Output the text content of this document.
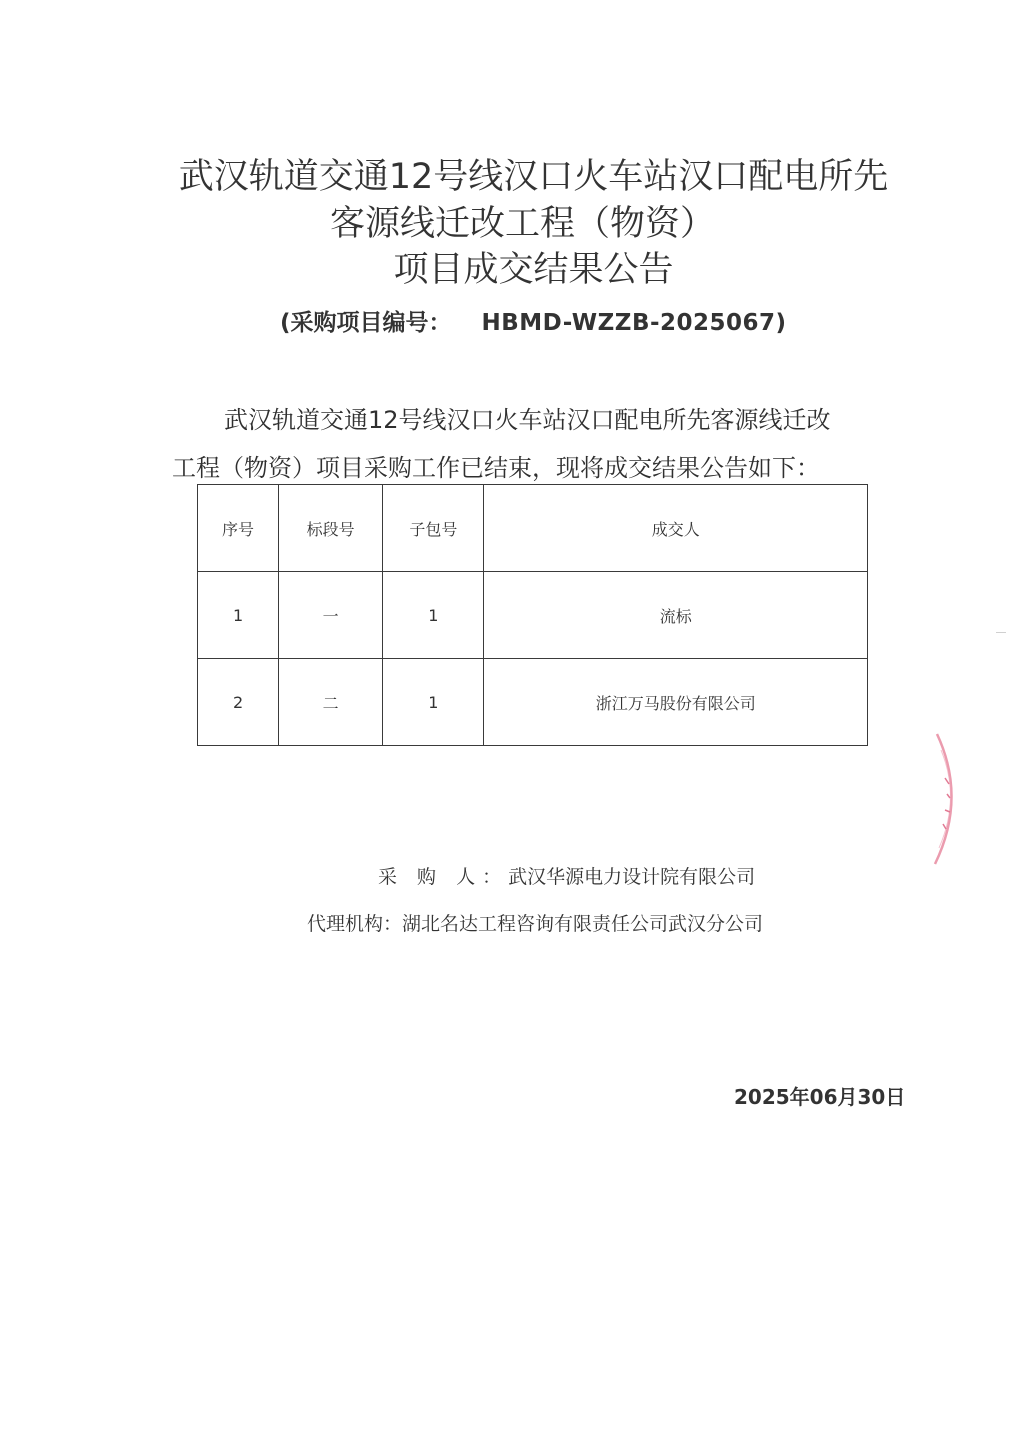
武汉轨道交通12号线汉口火车站汉口配电所先
客源线迁改工程（物资）
项目成交结果公告
(采购项目编号： HBMD-WZZB-2025067)
武汉轨道交通12号线汉口火车站汉口配电所先客源线迁改
工程（物资）项目采购工作已结束，现将成交结果公告如下：
序号	标段号	子包号	成交人
1	一	1	流标
2	二	1	浙江万马股份有限公司
采 购 人：武汉华源电力设计院有限公司
代理机构：湖北名达工程咨询有限责任公司武汉分公司
2025年06月30日
